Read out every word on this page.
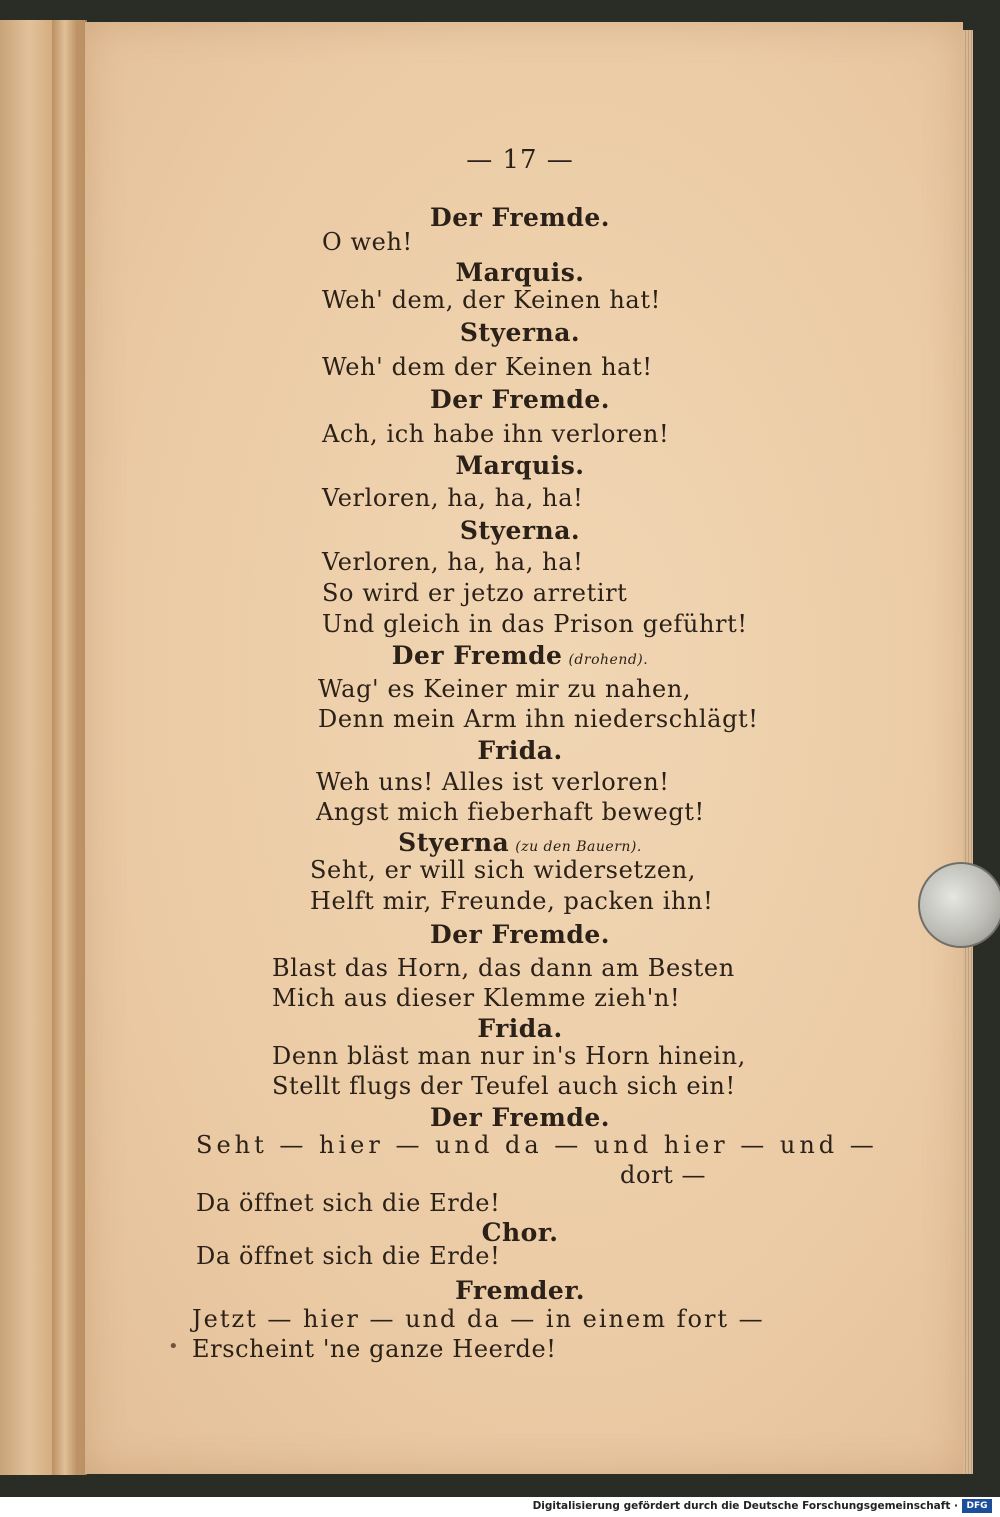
— 17 —
Der Fremde.
O weh!
Marquis.
Weh' dem, der Keinen hat!
Styerna.
Weh' dem der Keinen hat!
Der Fremde.
Ach, ich habe ihn verloren!
Marquis.
Verloren, ha, ha, ha!
Styerna.
Verloren, ha, ha, ha!
So wird er jetzo arretirt
Und gleich in das Prison geführt!
Der Fremde (drohend).
Wag' es Keiner mir zu nahen,
Denn mein Arm ihn niederschlägt!
Frida.
Weh uns! Alles ist verloren!
Angst mich fieberhaft bewegt!
Styerna (zu den Bauern).
Seht, er will sich widersetzen,
Helft mir, Freunde, packen ihn!
Der Fremde.
Blast das Horn, das dann am Besten
Mich aus dieser Klemme zieh'n!
Frida.
Denn bläst man nur in's Horn hinein,
Stellt flugs der Teufel auch sich ein!
Der Fremde.
Seht — hier — und da — und hier — und —
dort —
Da öffnet sich die Erde!
Chor.
Da öffnet sich die Erde!
Fremder.
Jetzt — hier — und da — in einem fort —
Erscheint 'ne ganze Heerde!
•
Digitalisierung gefördert durch die Deutsche Forschungsgemeinschaft · DFG
